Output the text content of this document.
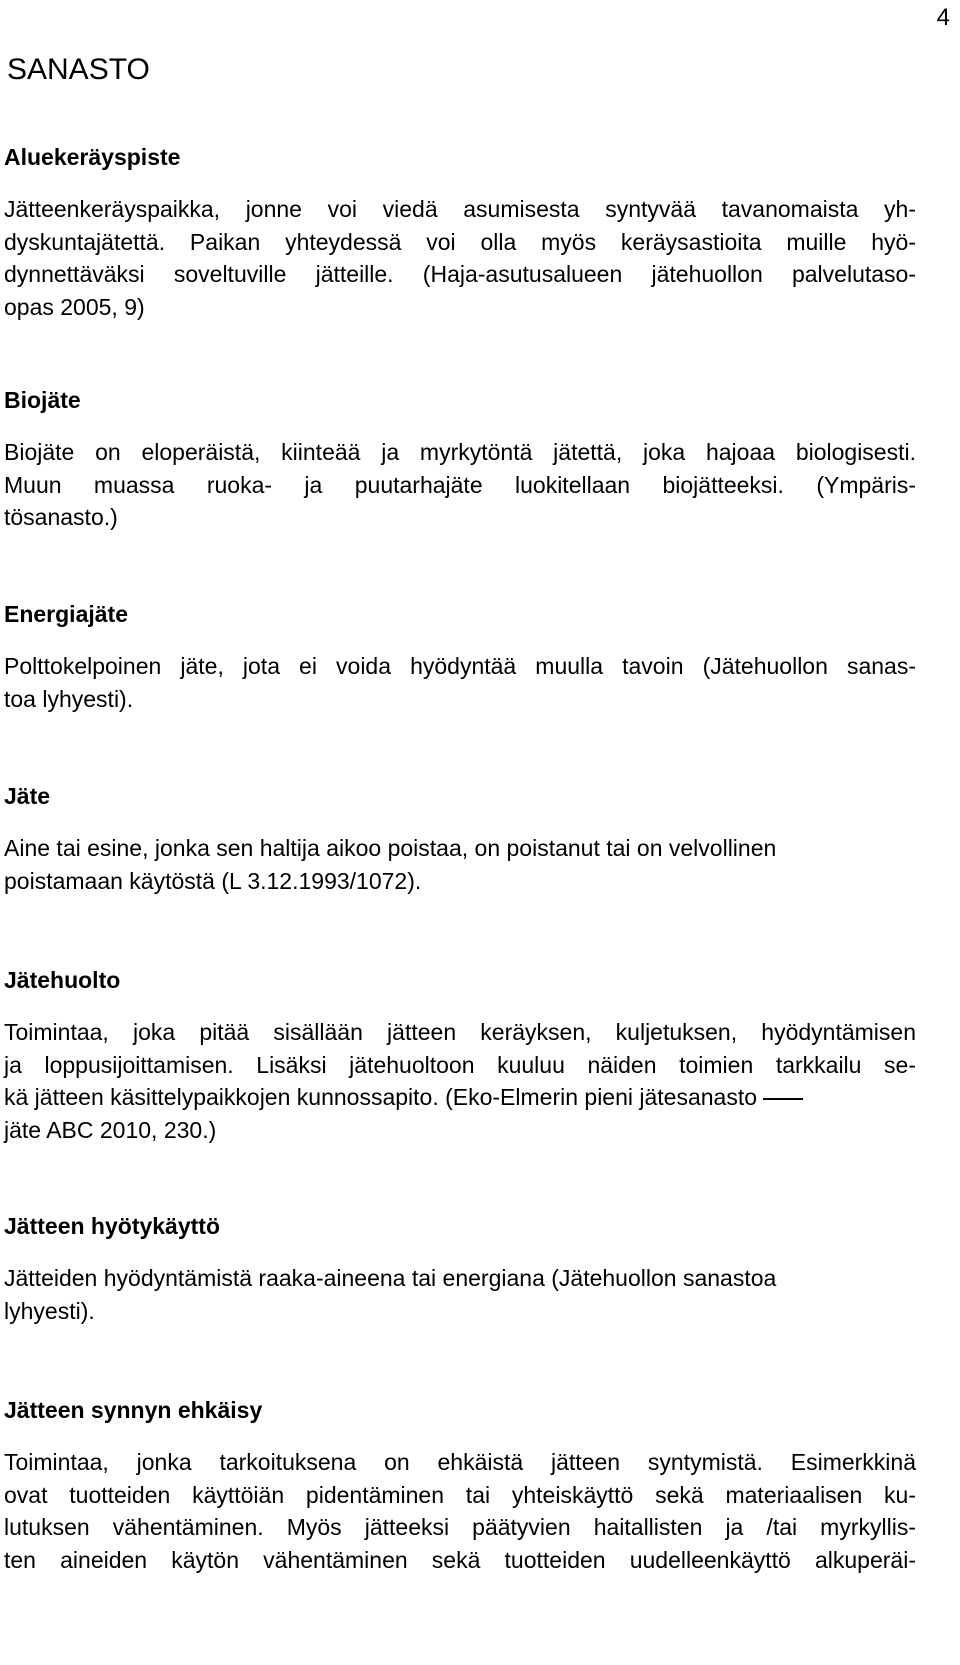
4
SANASTO
Aluekeräyspiste
Jätteenkeräyspaikka, jonne voi viedä asumisesta syntyvää tavanomaista yh-
dyskuntajätettä. Paikan yhteydessä voi olla myös keräysastioita muille hyö-
dynnettäväksi soveltuville jätteille. (Haja-asutusalueen jätehuollon palvelutaso-
opas 2005, 9)
Biojäte
Biojäte on eloperäistä, kiinteää ja myrkytöntä jätettä, joka hajoaa biologisesti.
Muun muassa ruoka- ja puutarhajäte luokitellaan biojätteeksi. (Ympäris-
tösanasto.)
Energiajäte
Polttokelpoinen jäte, jota ei voida hyödyntää muulla tavoin (Jätehuollon sanas-
toa lyhyesti).
Jäte
Aine tai esine, jonka sen haltija aikoo poistaa, on poistanut tai on velvollinen
poistamaan käytöstä (L 3.12.1993/1072).
Jätehuolto
Toimintaa, joka pitää sisällään jätteen keräyksen, kuljetuksen, hyödyntämisen
ja loppusijoittamisen. Lisäksi jätehuoltoon kuuluu näiden toimien tarkkailu se-
kä jätteen käsittelypaikkojen kunnossapito. (Eko-Elmerin pieni jätesanasto
jäte ABC 2010, 230.)
Jätteen hyötykäyttö
Jätteiden hyödyntämistä raaka-aineena tai energiana (Jätehuollon sanastoa
lyhyesti).
Jätteen synnyn ehkäisy
Toimintaa, jonka tarkoituksena on ehkäistä jätteen syntymistä. Esimerkkinä
ovat tuotteiden käyttöiän pidentäminen tai yhteiskäyttö sekä materiaalisen ku-
lutuksen vähentäminen. Myös jätteeksi päätyvien haitallisten ja /tai myrkyllis-
ten aineiden käytön vähentäminen sekä tuotteiden uudelleenkäyttö alkuperäi-
